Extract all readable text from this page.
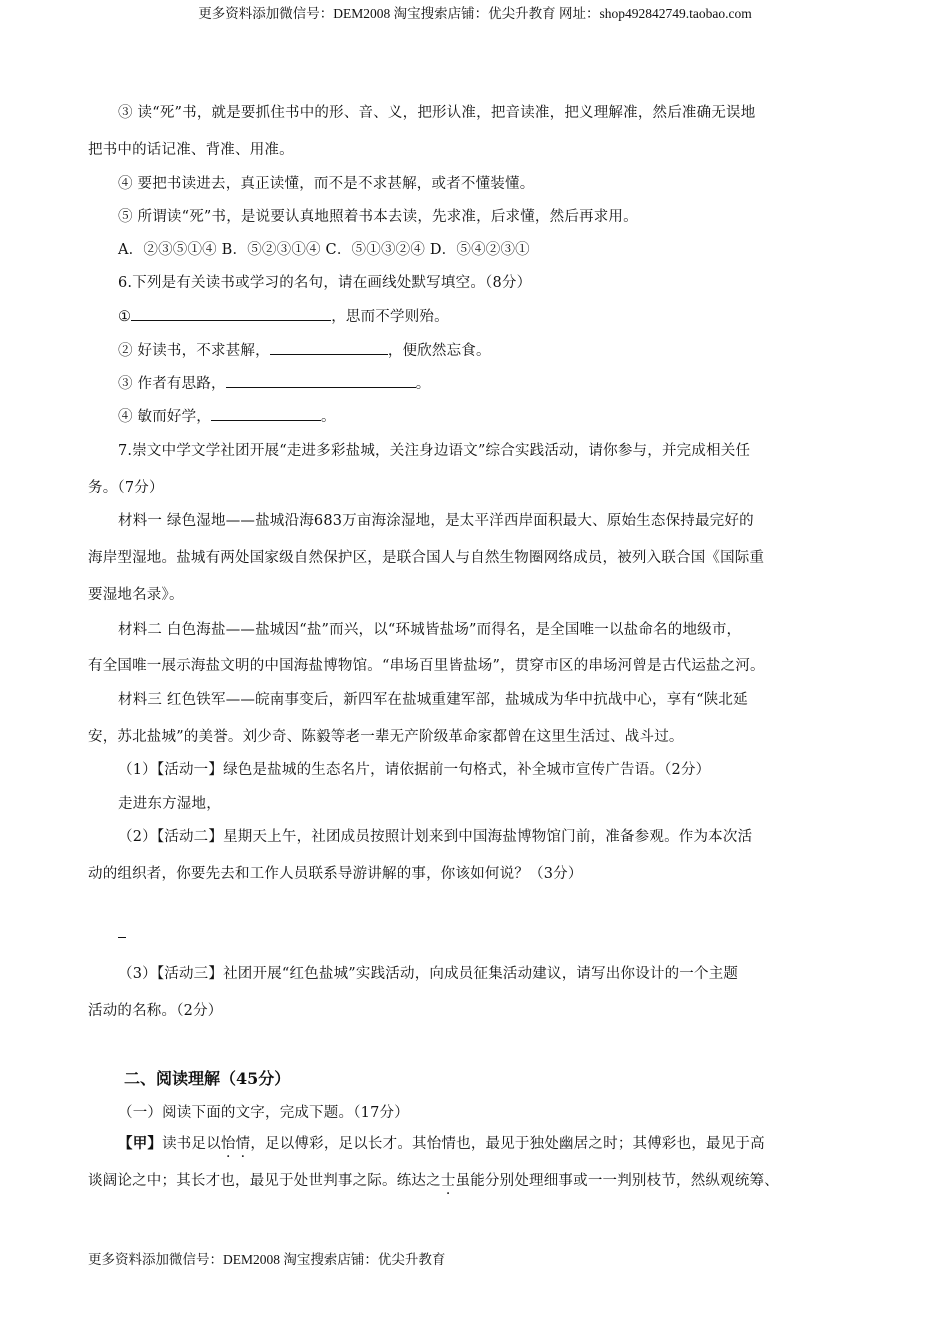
更多资料添加微信号：DEM2008 淘宝搜索店铺：优尖升教育 网址：shop492842749.taobao.com
③ 读“死”书，就是要抓住书中的形、音、义，把形认准，把音读准，把义理解准，然后准确无误地
把书中的话记准、背准、用准。
④ 要把书读进去，真正读懂，而不是不求甚解，或者不懂装懂。
⑤ 所谓读“死”书，是说要认真地照着书本去读，先求准，后求懂，然后再求用。
A．②③⑤①④ B．⑤②③①④ C．⑤①③②④ D．⑤④②③①
6.下列是有关读书或学习的名句，请在画线处默写填空。（8分）
①	，思而不学则殆。
② 好读书，不求甚解，	，便欣然忘食。
③ 作者有思路，	。
④ 敏而好学，	。
7.崇文中学文学社团开展“走进多彩盐城，关注身边语文”综合实践活动，请你参与，并完成相关任
务。（7分）
材料一 绿色湿地——盐城沿海683万亩海涂湿地，是太平洋西岸面积最大、原始生态保持最完好的
海岸型湿地。盐城有两处国家级自然保护区，是联合国人与自然生物圈网络成员，被列入联合国《国际重
要湿地名录》。
材料二 白色海盐——盐城因“盐”而兴，以“环城皆盐场”而得名，是全国唯一以盐命名的地级市，
有全国唯一展示海盐文明的中国海盐博物馆。“串场百里皆盐场”，贯穿市区的串场河曾是古代运盐之河。
材料三 红色铁军——皖南事变后，新四军在盐城重建军部，盐城成为华中抗战中心，享有“陕北延
安，苏北盐城”的美誉。刘少奇、陈毅等老一辈无产阶级革命家都曾在这里生活过、战斗过。
（1）【活动一】绿色是盐城的生态名片，请依据前一句格式，补全城市宣传广告语。（2分）
走进东方湿地，
（2）【活动二】星期天上午，社团成员按照计划来到中国海盐博物馆门前，准备参观。作为本次活
动的组织者，你要先去和工作人员联系导游讲解的事，你该如何说？（3分）
（3）【活动三】社团开展“红色盐城”实践活动，向成员征集活动建议，请写出你设计的一个主题
活动的名称。（2分）
二、阅读理解（45分）
（一）阅读下面的文字，完成下题。（17分）
【甲】读书足以怡情，足以傅彩，足以长才。其怡情也，最见于独处幽居之时；其傅彩也，最见于高
谈阔论之中；其长才也，最见于处世判事之际。练达之士虽能分别处理细事或一一判别枝节，然纵观统筹、
更多资料添加微信号：DEM2008 淘宝搜索店铺：优尖升教育
